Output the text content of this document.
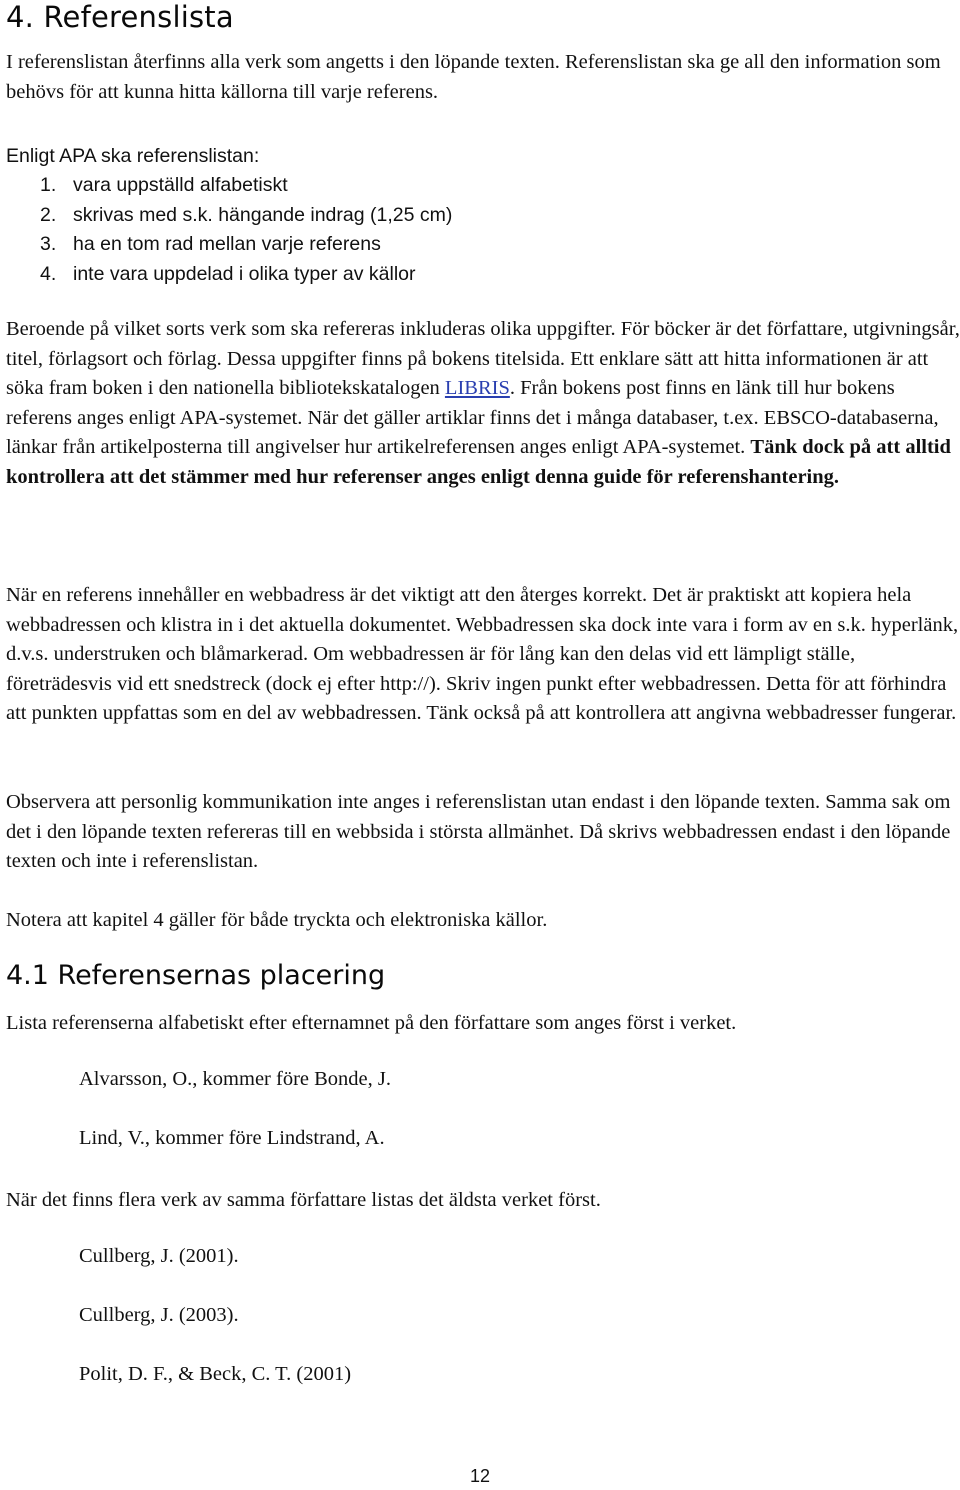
4. Referenslista

I referenslistan återfinns alla verk som angetts i den löpande texten. Referenslistan ska ge all den information som behövs för att kunna hitta källorna till varje referens.

Enligt APA ska referenslistan:

1. vara uppställd alfabetiskt
2. skrivas med s.k. hängande indrag (1,25 cm)
3. ha en tom rad mellan varje referens
4. inte vara uppdelad i olika typer av källor

Beroende på vilket sorts verk som ska refereras inkluderas olika uppgifter. För böcker är det författare, utgivningsår, titel, förlagsort och förlag. Dessa uppgifter finns på bokens titelsida. Ett enklare sätt att hitta informationen är att söka fram boken i den nationella bibliotekskatalogen LIBRIS. Från bokens post finns en länk till hur bokens referens anges enligt APA-systemet. När det gäller artiklar finns det i många databaser, t.ex. EBSCO-databaserna, länkar från artikelposterna till angivelser hur artikelreferensen anges enligt APA-systemet. Tänk dock på att alltid kontrollera att det stämmer med hur referenser anges enligt denna guide för referenshantering.

När en referens innehåller en webbadress är det viktigt att den återges korrekt. Det är praktiskt att kopiera hela webbadressen och klistra in i det aktuella dokumentet. Webbadressen ska dock inte vara i form av en s.k. hyperlänk, d.v.s. understruken och blåmarkerad. Om webbadressen är för lång kan den delas vid ett lämpligt ställe, företrädesvis vid ett snedstreck (dock ej efter http://). Skriv ingen punkt efter webbadressen. Detta för att förhindra att punkten uppfattas som en del av webbadressen. Tänk också på att kontrollera att angivna webbadresser fungerar.

Observera att personlig kommunikation inte anges i referenslistan utan endast i den löpande texten. Samma sak om det i den löpande texten refereras till en webbsida i största allmänhet. Då skrivs webbadressen endast i den löpande texten och inte i referenslistan.

Notera att kapitel 4 gäller för både tryckta och elektroniska källor.

4.1 Referensernas placering

Lista referenserna alfabetiskt efter efternamnet på den författare som anges först i verket.

Alvarsson, O., kommer före Bonde, J.

Lind, V., kommer före Lindstrand, A.

När det finns flera verk av samma författare listas det äldsta verket först.

Cullberg, J. (2001).

Cullberg, J. (2003).

Polit, D. F., & Beck, C. T. (2001)

12
